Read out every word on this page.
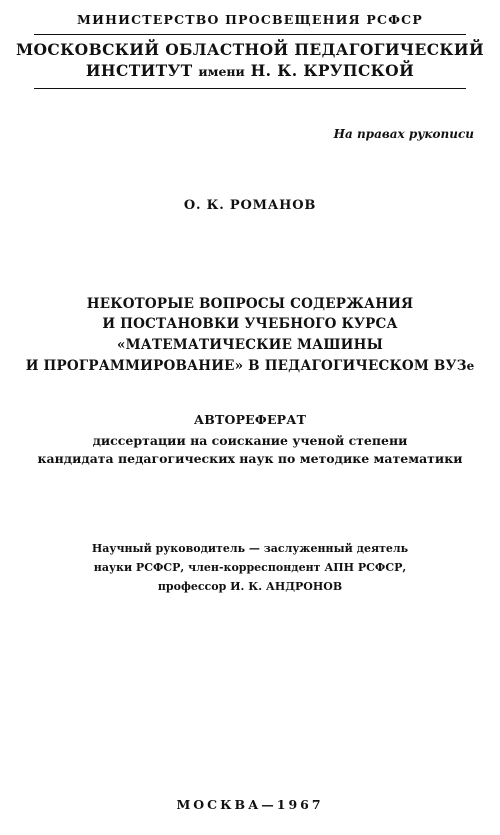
МИНИСТЕРСТВО ПРОСВЕЩЕНИЯ РСФСР
МОСКОВСКИЙ ОБЛАСТНОЙ ПЕДАГОГИЧЕСКИЙ
ИНСТИТУТ имени Н. К. КРУПСКОЙ
На правах рукописи
О. К. РОМАНОВ
НЕКОТОРЫЕ ВОПРОСЫ СОДЕРЖАНИЯ
И ПОСТАНОВКИ УЧЕБНОГО КУРСА
«МАТЕМАТИЧЕСКИЕ МАШИНЫ
И ПРОГРАММИРОВАНИЕ» В ПЕДАГОГИЧЕСКОМ ВУЗе
АВТОРЕФЕРАТ
диссертации на соискание ученой степени
кандидата педагогических наук по методике математики
Научный руководитель — заслуженный деятель
науки РСФСР, член-корреспондент АПН РСФСР,
профессор И. К. АНДРОНОВ
МОСКВА—1967
